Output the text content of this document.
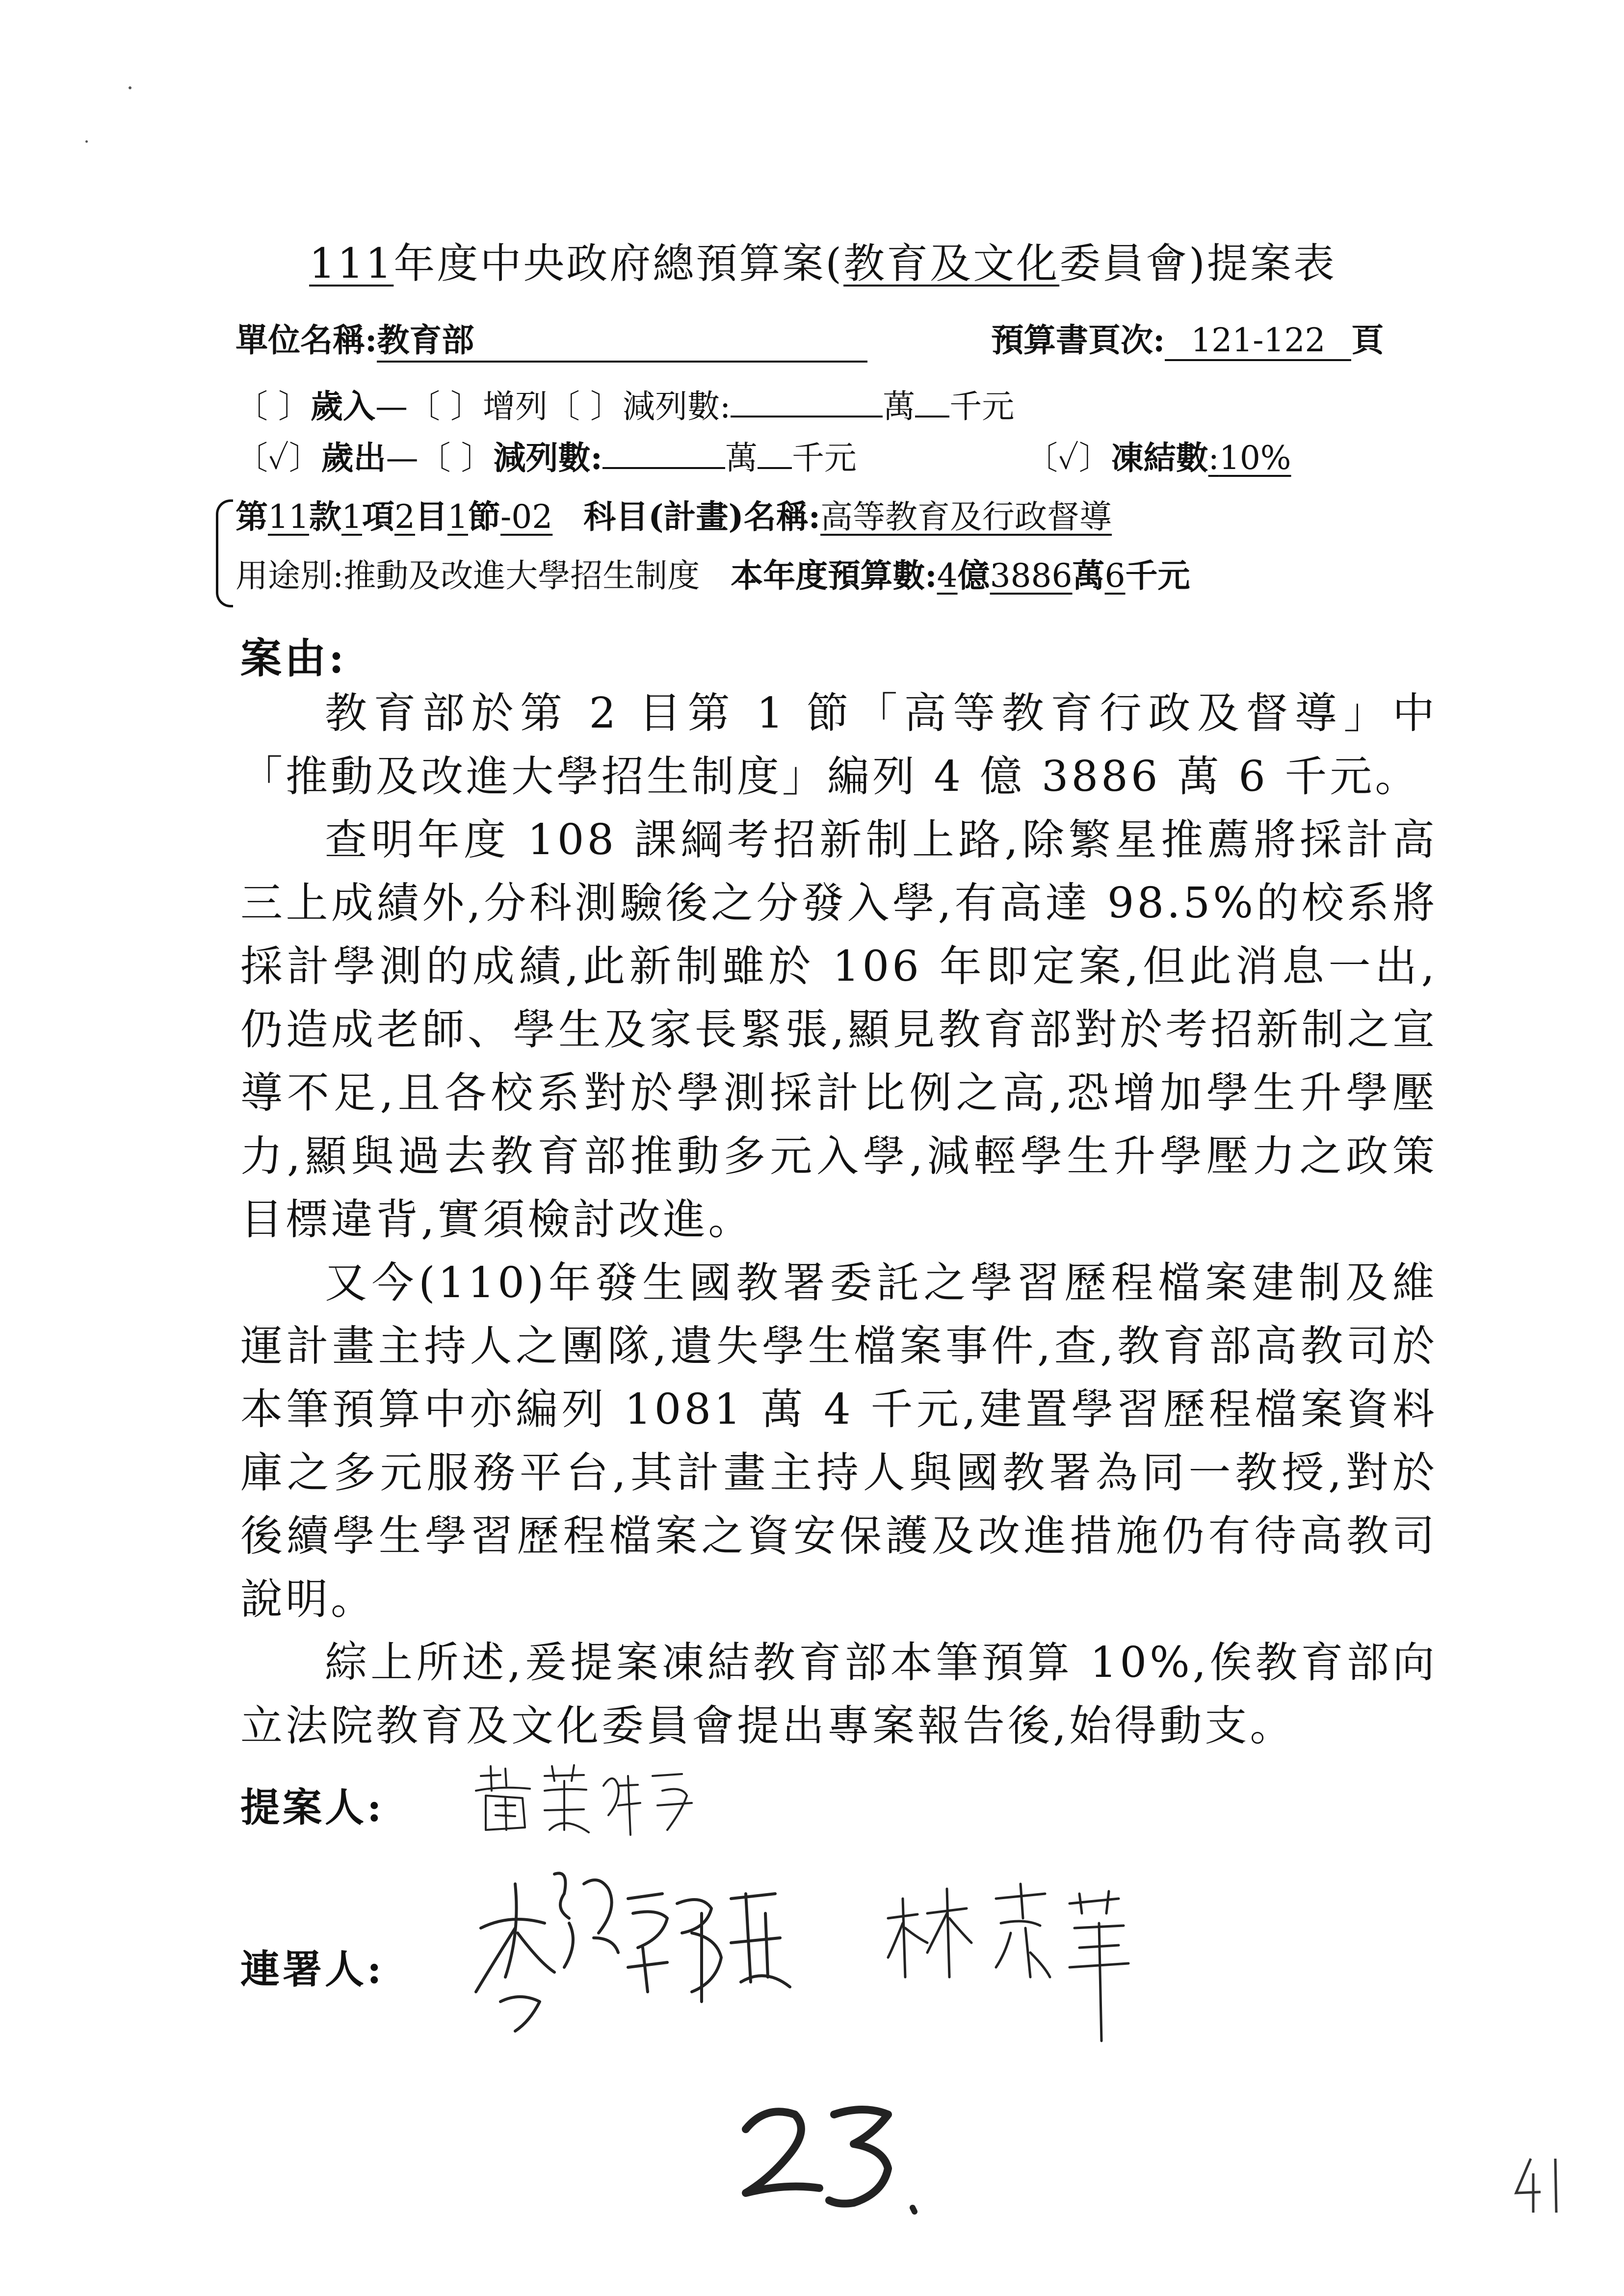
111年度中央政府總預算案(教育及文化委員會)提案表
單位名稱:教育部	預算書頁次: 121-122 頁
〔 〕歲入—〔 〕增列〔 〕減列數:	萬 千元
〔✓〕歲出—〔 〕減列數:	萬 千元	〔✓〕凍結數:10%
第11款1項2目1節-02 科目(計畫)名稱:高等教育及行政督導
用途別:推動及改進大學招生制度 本年度預算數:4億3886萬6千元
案由:

教育部於第 2 目第 1 節「高等教育行政及督導」中「推動及改進大學招生制度」編列 4 億 3886 萬 6 千元。

查明年度 108 課綱考招新制上路,除繁星推薦將採計高三上成績外,分科測驗後之分發入學,有高達 98.5%的校系將採計學測的成績,此新制雖於 106 年即定案,但此消息一出,仍造成老師、學生及家長緊張,顯見教育部對於考招新制之宣導不足,且各校系對於學測採計比例之高,恐增加學生升學壓力,顯與過去教育部推動多元入學,減輕學生升學壓力之政策目標違背,實須檢討改進。

又今(110)年發生國教署委託之學習歷程檔案建制及維運計畫主持人之團隊,遺失學生檔案事件,查,教育部高教司於本筆預算中亦編列 1081 萬 4 千元,建置學習歷程檔案資料庫之多元服務平台,其計畫主持人與國教署為同一教授,對於後續學生學習歷程檔案之資安保護及改進措施仍有待高教司說明。

綜上所述,爰提案凍結教育部本筆預算 10%,俟教育部向立法院教育及文化委員會提出專案報告後,始得動支。

提案人:
連署人:
